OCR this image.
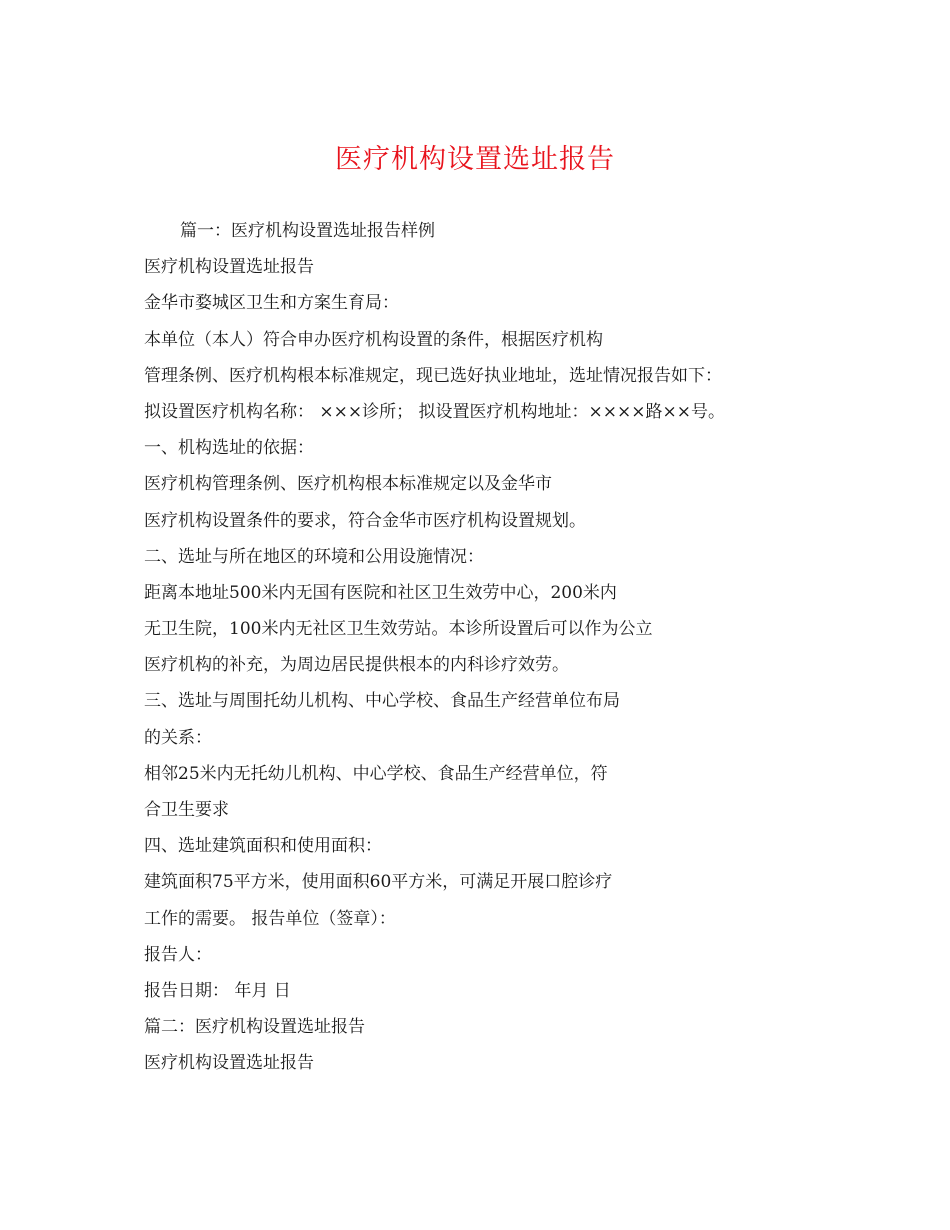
医疗机构设置选址报告
篇一：医疗机构设置选址报告样例
医疗机构设置选址报告
金华市婺城区卫生和方案生育局：
本单位（本人）符合申办医疗机构设置的条件，根据医疗机构
管理条例、医疗机构根本标准规定，现已选好执业地址，选址情况报告如下：
拟设置医疗机构名称： ×××诊所； 拟设置医疗机构地址：××××路××号。
一、机构选址的依据：
医疗机构管理条例、医疗机构根本标准规定以及金华市
医疗机构设置条件的要求，符合金华市医疗机构设置规划。
二、选址与所在地区的环境和公用设施情况：
距离本地址500米内无国有医院和社区卫生效劳中心，200米内
无卫生院，100米内无社区卫生效劳站。本诊所设置后可以作为公立
医疗机构的补充，为周边居民提供根本的内科诊疗效劳。
三、选址与周围托幼儿机构、中心学校、食品生产经营单位布局
的关系：
相邻25米内无托幼儿机构、中心学校、食品生产经营单位，符
合卫生要求
四、选址建筑面积和使用面积：
建筑面积75平方米，使用面积60平方米，可满足开展口腔诊疗
工作的需要。 报告单位（签章）：
报告人：
报告日期： 年月 日
篇二：医疗机构设置选址报告
医疗机构设置选址报告
